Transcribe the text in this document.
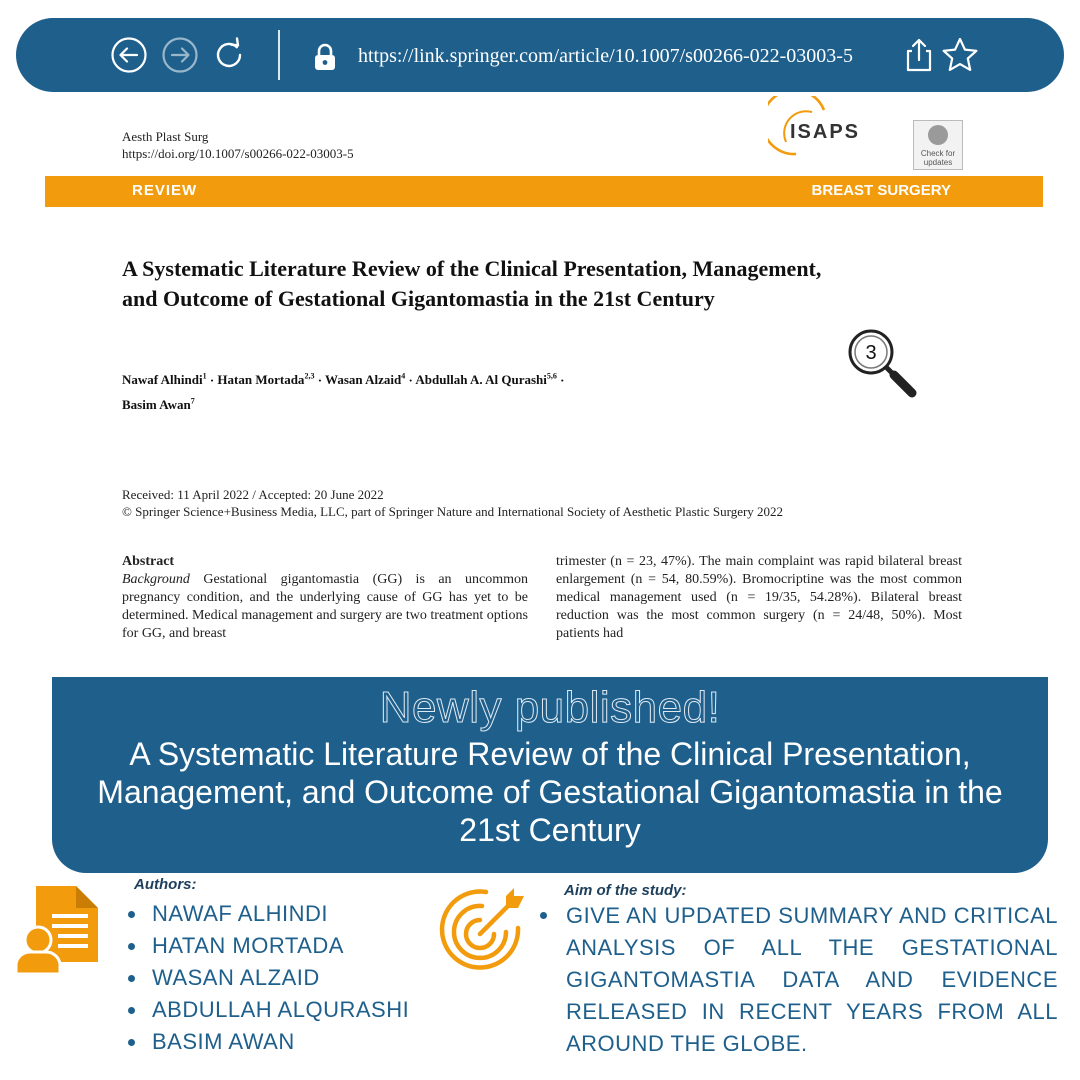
https://link.springer.com/article/10.1007/s00266-022-03003-5
Aesth Plast Surg
https://doi.org/10.1007/s00266-022-03003-5
ISAPS
Check for updates
REVIEW	BREAST SURGERY
A Systematic Literature Review of the Clinical Presentation, Management, and Outcome of Gestational Gigantomastia in the 21st Century
3
Nawaf Alhindi$^1$ · Hatan Mortada$^{2,3}$ · Wasan Alzaid$^4$ · Abdullah A. Al Qurashi$^{5,6}$ ·
Basim Awan$^7$
Received: 11 April 2022 / Accepted: 20 June 2022
© Springer Science+Business Media, LLC, part of Springer Nature and International Society of Aesthetic Plastic Surgery 2022
Abstract
Background Gestational gigantomastia (GG) is an uncommon pregnancy condition, and the underlying cause of GG has yet to be determined. Medical management and surgery are two treatment options for GG, and breast
trimester (n = 23, 47%). The main complaint was rapid bilateral breast enlargement (n = 54, 80.59%). Bromocriptine was the most common medical management used (n = 19/35, 54.28%). Bilateral breast reduction was the most common surgery (n = 24/48, 50%). Most patients had
Newly published!
A Systematic Literature Review of the Clinical Presentation, Management, and Outcome of Gestational Gigantomastia in the 21st Century
Authors:
NAWAF ALHINDI
HATAN MORTADA
WASAN ALZAID
ABDULLAH ALQURASHI
BASIM AWAN
Aim of the study:
GIVE AN UPDATED SUMMARY AND CRITICAL ANALYSIS OF ALL THE GESTATIONAL GIGANTOMASTIA DATA AND EVIDENCE RELEASED IN RECENT YEARS FROM ALL AROUND THE GLOBE.
